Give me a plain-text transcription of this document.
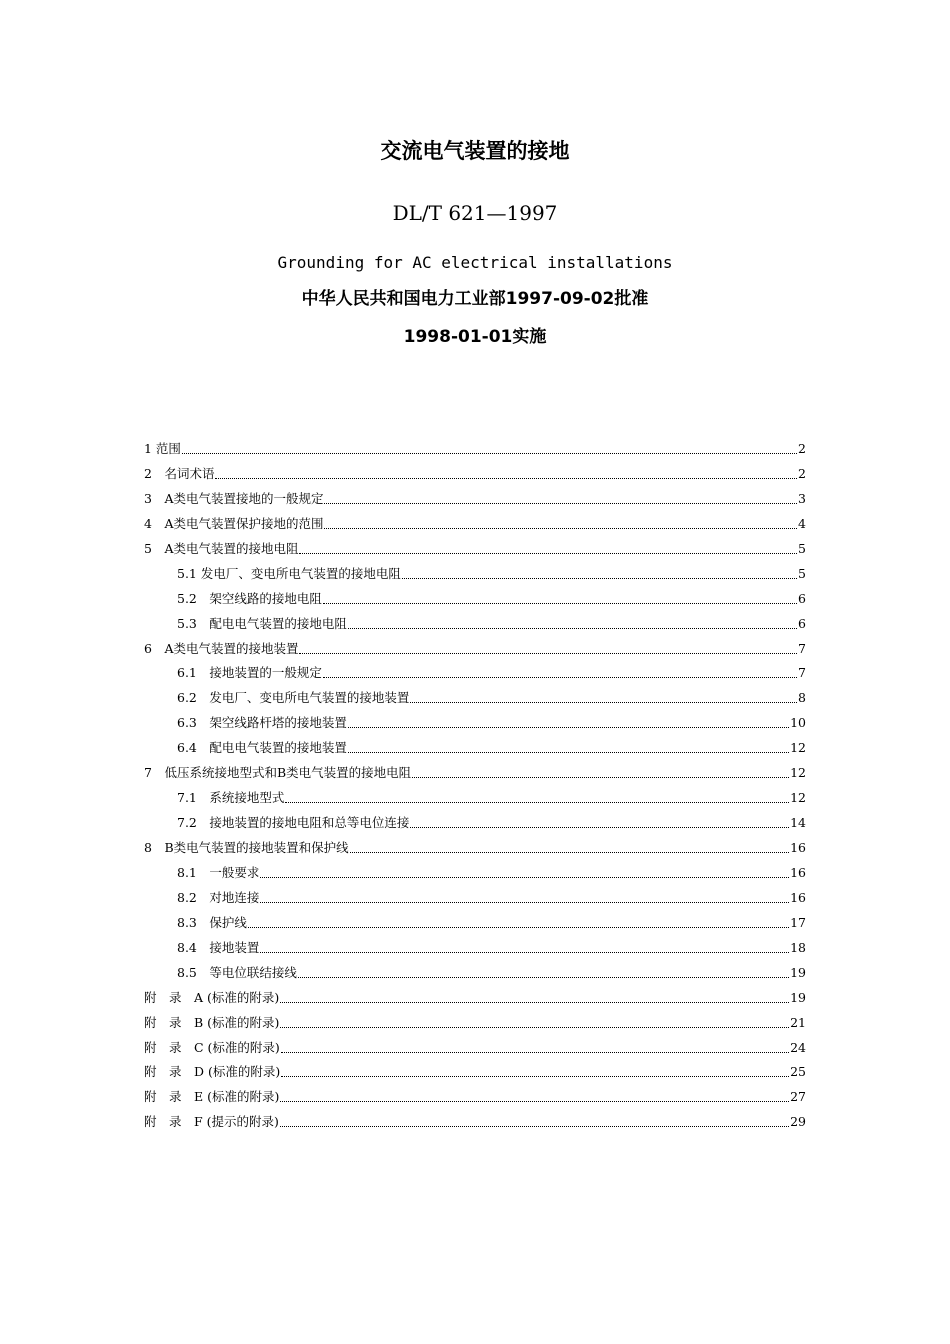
交流电气装置的接地
DL/T 621—1997
Grounding for AC electrical installations
中华人民共和国电力工业部1997-09-02批准
1998-01-01实施
1 范围	2
2　名词术语	2
3　A类电气装置接地的一般规定	3
4　A类电气装置保护接地的范围	4
5　A类电气装置的接地电阻	5
5.1 发电厂、变电所电气装置的接地电阻	5
5.2　架空线路的接地电阻	6
5.3　配电电气装置的接地电阻	6
6　A类电气装置的接地装置	7
6.1　接地装置的一般规定	7
6.2　发电厂、变电所电气装置的接地装置	8
6.3　架空线路杆塔的接地装置	10
6.4　配电电气装置的接地装置	12
7　低压系统接地型式和B类电气装置的接地电阻	12
7.1　系统接地型式	12
7.2　接地装置的接地电阻和总等电位连接	14
8　B类电气装置的接地装置和保护线	16
8.1　一般要求	16
8.2　对地连接	16
8.3　保护线	17
8.4　接地装置	18
8.5　等电位联结接线	19
附　录　A (标准的附录)	19
附　录　B (标准的附录)	21
附　录　C (标准的附录)	24
附　录　D (标准的附录)	25
附　录　E (标准的附录)	27
附　录　F (提示的附录)	29
